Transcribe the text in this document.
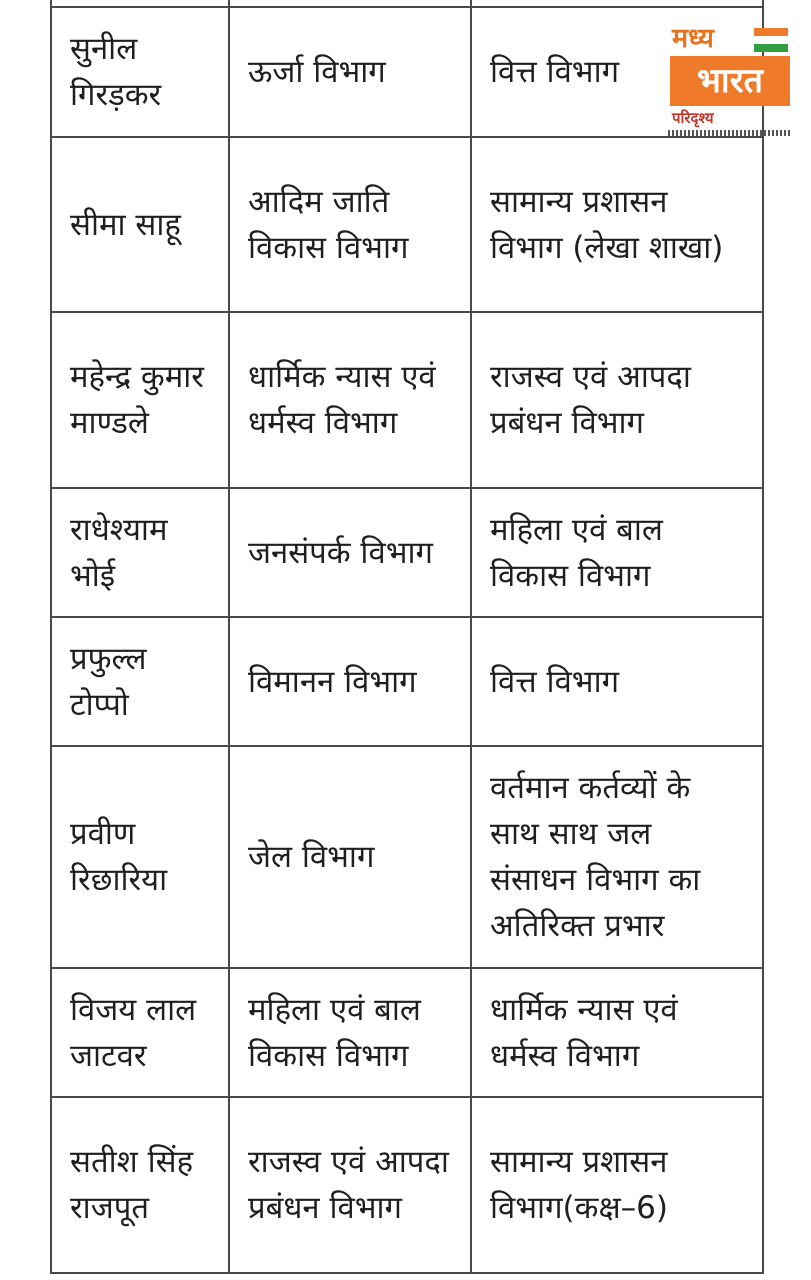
सुनील गिरड़कर	ऊर्जा विभाग	वित्त विभाग
सीमा साहू	आदिम जाति विकास विभाग	सामान्य प्रशासन विभाग (लेखा शाखा)
महेन्द्र कुमार माण्डले	धार्मिक न्यास एवं धर्मस्व विभाग	राजस्व एवं आपदा प्रबंधन विभाग
राधेश्याम भोई	जनसंपर्क विभाग	महिला एवं बाल विकास विभाग
प्रफुल्ल टोप्पो	विमानन विभाग	वित्त विभाग
प्रवीण रिछारिया	जेल विभाग	वर्तमान कर्तव्यों के साथ साथ जल संसाधन विभाग का अतिरिक्त प्रभार
विजय लाल जाटवर	महिला एवं बाल विकास विभाग	धार्मिक न्यास एवं धर्मस्व विभाग
सतीश सिंह राजपूत	राजस्व एवं आपदा प्रबंधन विभाग	सामान्य प्रशासन विभाग(कक्ष–6)
मध्य
भारत
परिदृश्य
